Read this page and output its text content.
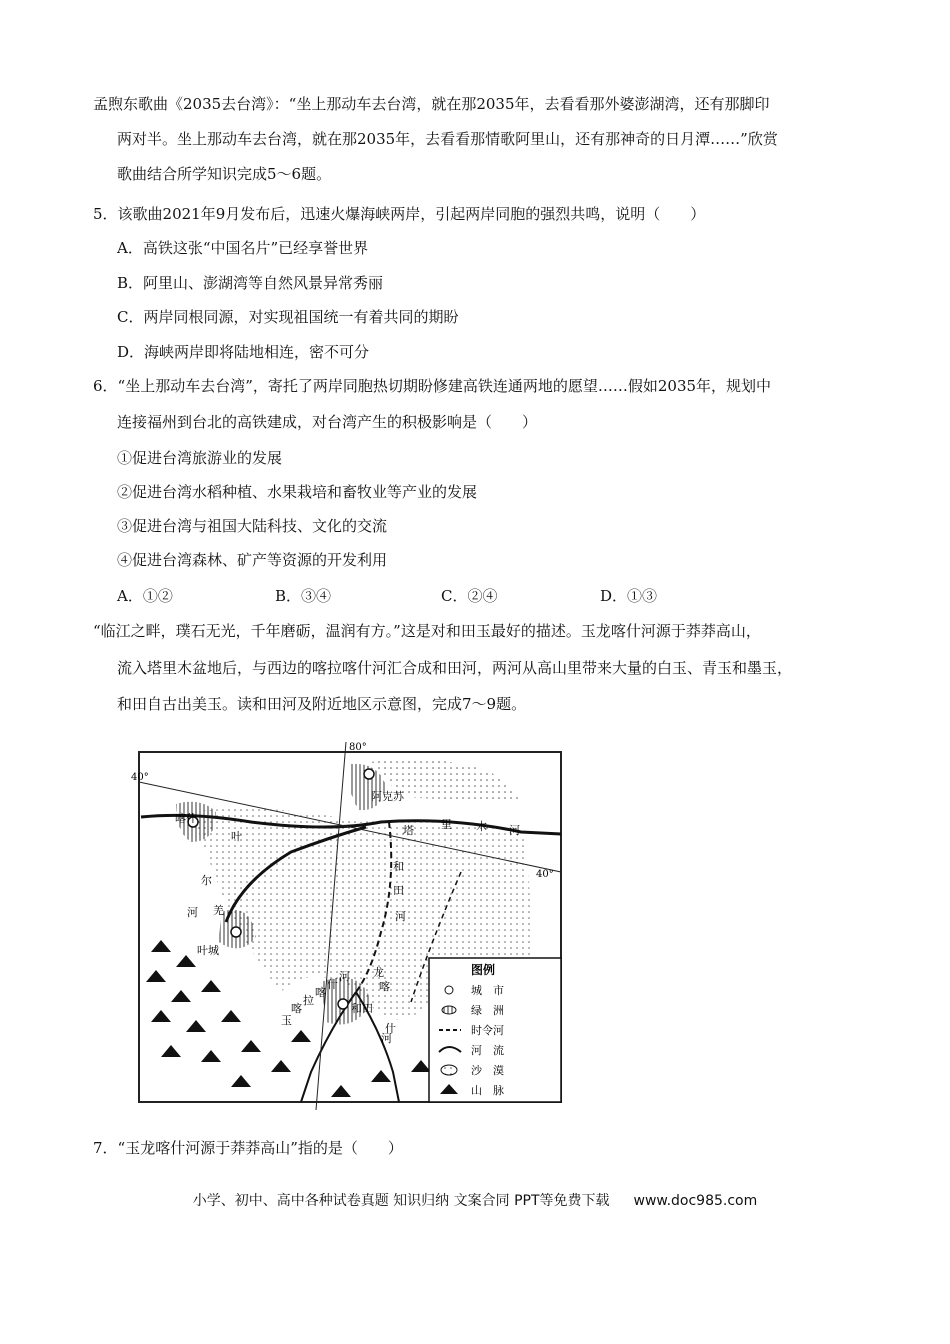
孟煦东歌曲《2035去台湾》：“坐上那动车去台湾，就在那2035年，去看看那外婆澎湖湾，还有那脚印
两对半。坐上那动车去台湾，就在那2035年，去看看那情歌阿里山，还有那神奇的日月潭……”欣赏
歌曲结合所学知识完成5～6题。
5．该歌曲2021年9月发布后，迅速火爆海峡两岸，引起两岸同胞的强烈共鸣，说明（　　）
A．高铁这张“中国名片”已经享誉世界
B．阿里山、澎湖湾等自然风景异常秀丽
C．两岸同根同源，对实现祖国统一有着共同的期盼
D．海峡两岸即将陆地相连，密不可分
6．“坐上那动车去台湾”，寄托了两岸同胞热切期盼修建高铁连通两地的愿望……假如2035年，规划中
连接福州到台北的高铁建成，对台湾产生的积极影响是（　　）
①促进台湾旅游业的发展
②促进台湾水稻种植、水果栽培和畜牧业等产业的发展
③促进台湾与祖国大陆科技、文化的交流
④促进台湾森林、矿产等资源的开发利用
A．①②	B．③④	C．②④	D．①③
“临江之畔，璞石无光，千年磨砺，温润有方。”这是对和田玉最好的描述。玉龙喀什河源于莽莽高山，
流入塔里木盆地后，与西边的喀拉喀什河汇合成和田河，两河从高山里带来大量的白玉、青玉和墨玉，
和田自古出美玉。读和田河及附近地区示意图，完成7～9题。
80°
40°
40°
阿克苏
喀什
叶城
和田
塔 里 木 河
叶
尔
羌
河
和
田
河
喀
拉
喀
什
河
玉
龙
喀
什
河
图例
城　市
绿　洲
时令河
河　流
沙　漠
山　脉
7．“玉龙喀什河源于莽莽高山”指的是（　　）
小学、初中、高中各种试卷真题 知识归纳 文案合同 PPT等免费下载 www.doc985.com
